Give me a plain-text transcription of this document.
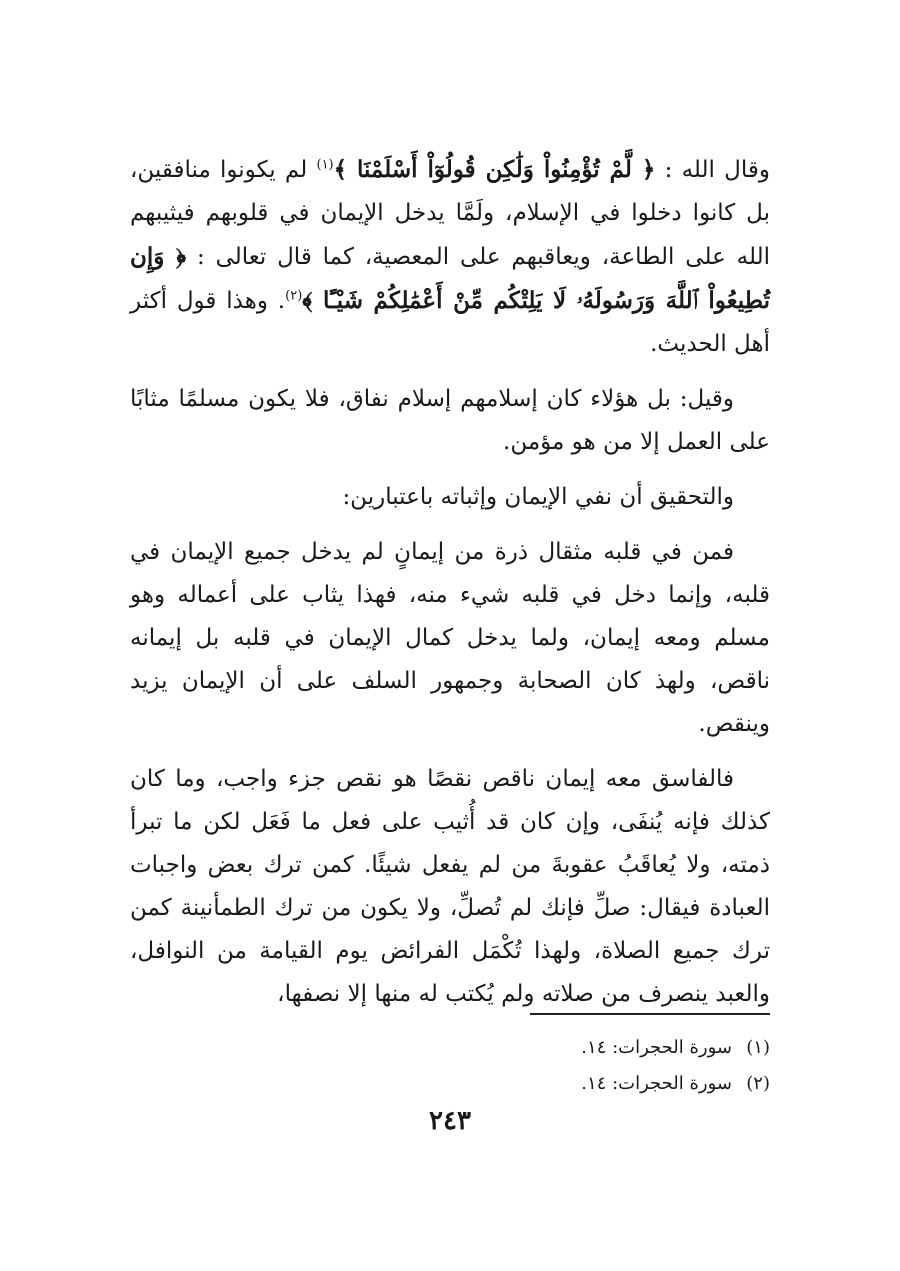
وقال الله : ﴿ لَّمْ تُؤْمِنُواْ وَلَٰكِن قُولُوٓاْ أَسْلَمْنَا ﴾$^{(١)}$ لم يكونوا منافقين، بل كانوا دخلوا في الإسلام، ولَمَّا يدخل الإيمان في قلوبهم فيثيبهم الله على الطاعة، ويعاقبهم على المعصية، كما قال تعالى : ﴿ وَإِن تُطِيعُواْ ٱللَّهَ وَرَسُولَهُۥ لَا يَلِتْكُم مِّنْ أَعْمَٰلِكُمْ شَيْـًٔا ﴾$^{(٢)}$. وهذا قول أكثر أهل الحديث.

وقيل: بل هؤلاء كان إسلامهم إسلام نفاق، فلا يكون مسلمًا مثابًا على العمل إلا من هو مؤمن.

والتحقيق أن نفي الإيمان وإثباته باعتبارين:

فمن في قلبه مثقال ذرة من إيمانٍ لم يدخل جميع الإيمان في قلبه، وإنما دخل في قلبه شيء منه، فهذا يثاب على أعماله وهو مسلم ومعه إيمان، ولما يدخل كمال الإيمان في قلبه بل إيمانه ناقص، ولهذ كان الصحابة وجمهور السلف على أن الإيمان يزيد وينقص.

فالفاسق معه إيمان ناقص نقصًا هو نقص جزء واجب، وما كان كذلك فإنه يُنفَى، وإن كان قد أُثيب على فعل ما فَعَل لكن ما تبرأ ذمته، ولا يُعاقَبُ عقوبةَ من لم يفعل شيئًا. كمن ترك بعض واجبات العبادة فيقال: صلِّ فإنك لم تُصلِّ، ولا يكون من ترك الطمأنينة كمن ترك جميع الصلاة، ولهذا تُكْمَل الفرائض يوم القيامة من النوافل، والعبد ينصرف من صلاته ولم يُكتب له منها إلا نصفها،

(١)سورة الحجرات: ١٤.
(٢)سورة الحجرات: ١٤.
٢٤٣
